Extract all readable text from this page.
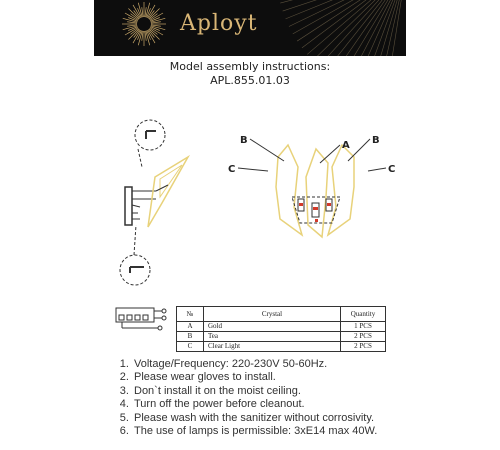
Aployt
Model assembly instructions:
APL.855.01.03
B	A B
C	C
№	Crystal	Quantity
A	Gold	1 PCS
B	Tea	2 PCS
C	Clear Light	2 PCS
1. Voltage/Frequency: 220-230V 50-60Hz.
2. Please wear gloves to install.
3. Don`t install it on the moist ceiling.
4. Turn off the power before cleanout.
5. Please wash with the sanitizer without corrosivity.
6. The use of lamps is permissible: 3xE14 max 40W.
